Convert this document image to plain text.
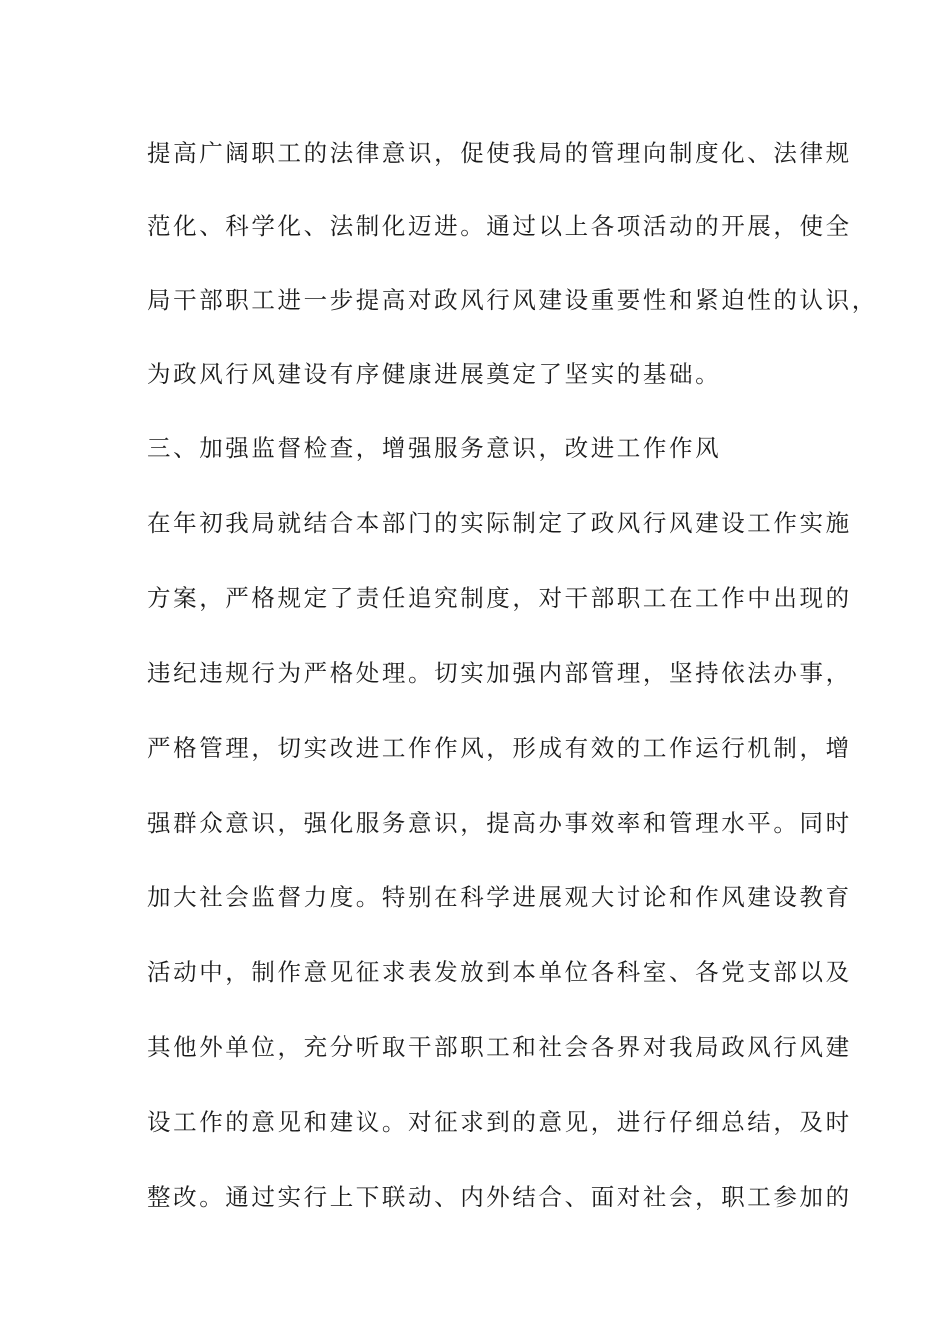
提高广阔职工的法律意识，促使我局的管理向制度化、法律规
范化、科学化、法制化迈进。通过以上各项活动的开展，使全
局干部职工进一步提高对政风行风建设重要性和紧迫性的认识，
为政风行风建设有序健康进展奠定了坚实的基础。
三、加强监督检查，增强服务意识，改进工作作风
在年初我局就结合本部门的实际制定了政风行风建设工作实施
方案，严格规定了责任追究制度，对干部职工在工作中出现的
违纪违规行为严格处理。切实加强内部管理，坚持依法办事，
严格管理，切实改进工作作风，形成有效的工作运行机制，增
强群众意识，强化服务意识，提高办事效率和管理水平。同时
加大社会监督力度。特别在科学进展观大讨论和作风建设教育
活动中，制作意见征求表发放到本单位各科室、各党支部以及
其他外单位，充分听取干部职工和社会各界对我局政风行风建
设工作的意见和建议。对征求到的意见，进行仔细总结，及时
整改。通过实行上下联动、内外结合、面对社会，职工参加的
